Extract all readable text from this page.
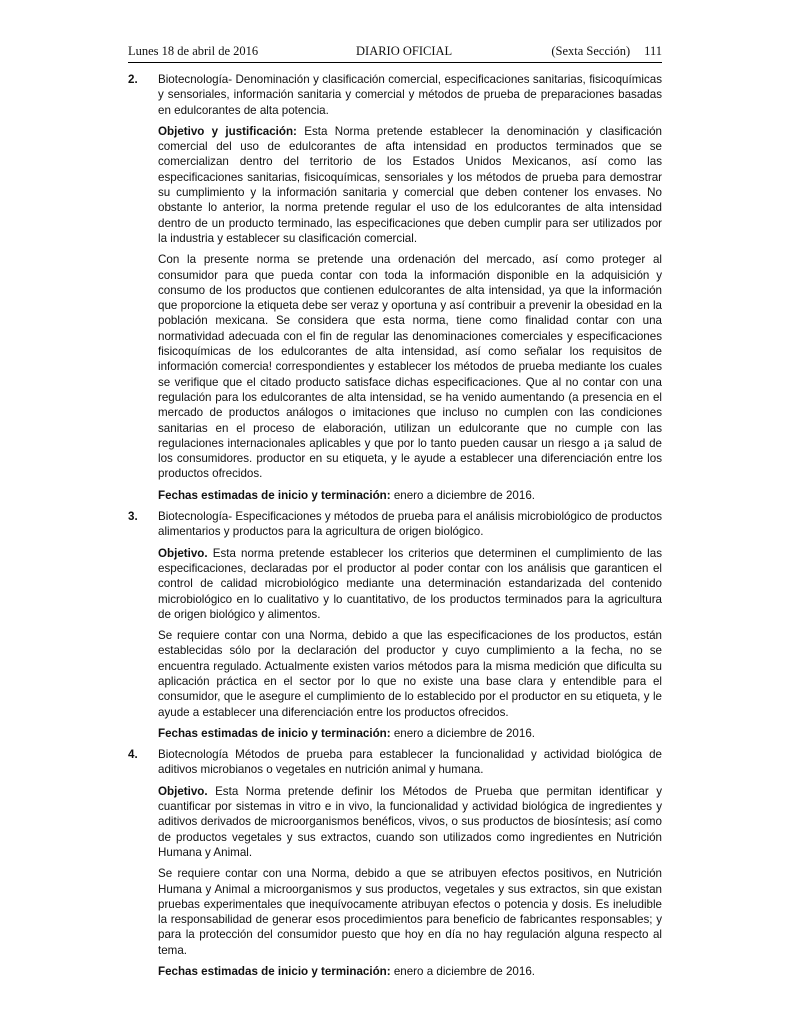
Lunes 18 de abril de 2016	DIARIO OFICIAL	(Sexta Sección) 111
2. Biotecnología- Denominación y clasificación comercial, especificaciones sanitarias, fisicoquímicas y sensoriales, información sanitaria y comercial y métodos de prueba de preparaciones basadas en edulcorantes de alta potencia.

Objetivo y justificación: Esta Norma pretende establecer la denominación y clasificación comercial del uso de edulcorantes de afta intensidad en productos terminados que se comercializan dentro del territorio de los Estados Unidos Mexicanos, así como las especificaciones sanitarias, fisicoquímicas, sensoriales y los métodos de prueba para demostrar su cumplimiento y la información sanitaria y comercial que deben contener los envases. No obstante lo anterior, la norma pretende regular el uso de los edulcorantes de alta intensidad dentro de un producto terminado, las especificaciones que deben cumplir para ser utilizados por la industria y establecer su clasificación comercial.

Con la presente norma se pretende una ordenación del mercado, así como proteger al consumidor para que pueda contar con toda la información disponible en la adquisición y consumo de los productos que contienen edulcorantes de alta intensidad, ya que la información que proporcione la etiqueta debe ser veraz y oportuna y así contribuir a prevenir la obesidad en la población mexicana. Se considera que esta norma, tiene como finalidad contar con una normatividad adecuada con el fin de regular las denominaciones comerciales y especificaciones fisicoquímicas de los edulcorantes de alta intensidad, así como señalar los requisitos de información comercia! correspondientes y establecer los métodos de prueba mediante los cuales se verifique que el citado producto satisface dichas especificaciones. Que al no contar con una regulación para los edulcorantes de alta intensidad, se ha venido aumentando (a presencia en el mercado de productos análogos o imitaciones que incluso no cumplen con las condiciones sanitarias en el proceso de elaboración, utilizan un edulcorante que no cumple con las regulaciones internacionales aplicables y que por lo tanto pueden causar un riesgo a ¡a salud de los consumidores. productor en su etiqueta, y le ayude a establecer una diferenciación entre los productos ofrecidos.

Fechas estimadas de inicio y terminación: enero a diciembre de 2016.

3. Biotecnología- Especificaciones y métodos de prueba para el análisis microbiológico de productos alimentarios y productos para la agricultura de origen biológico.

Objetivo. Esta norma pretende establecer los criterios que determinen el cumplimiento de las especificaciones, declaradas por el productor al poder contar con los análisis que garanticen el control de calidad microbiológico mediante una determinación estandarizada del contenido microbiológico en lo cualitativo y lo cuantitativo, de los productos terminados para la agricultura de origen biológico y alimentos.

Se requiere contar con una Norma, debido a que las especificaciones de los productos, están establecidas sólo por la declaración del productor y cuyo cumplimiento a la fecha, no se encuentra regulado. Actualmente existen varios métodos para la misma medición que dificulta su aplicación práctica en el sector por lo que no existe una base clara y entendible para el consumidor, que le asegure el cumplimiento de lo establecido por el productor en su etiqueta, y le ayude a establecer una diferenciación entre los productos ofrecidos.

Fechas estimadas de inicio y terminación: enero a diciembre de 2016.

4. Biotecnología Métodos de prueba para establecer la funcionalidad y actividad biológica de aditivos microbianos o vegetales en nutrición animal y humana.

Objetivo. Esta Norma pretende definir los Métodos de Prueba que permitan identificar y cuantificar por sistemas in vitro e in vivo, la funcionalidad y actividad biológica de ingredientes y aditivos derivados de microorganismos benéficos, vivos, o sus productos de biosíntesis; así como de productos vegetales y sus extractos, cuando son utilizados como ingredientes en Nutrición Humana y Animal.

Se requiere contar con una Norma, debido a que se atribuyen efectos positivos, en Nutrición Humana y Animal a microorganismos y sus productos, vegetales y sus extractos, sin que existan pruebas experimentales que inequívocamente atribuyan efectos o potencia y dosis. Es ineludible la responsabilidad de generar esos procedimientos para beneficio de fabricantes responsables; y para la protección del consumidor puesto que hoy en día no hay regulación alguna respecto al tema.

Fechas estimadas de inicio y terminación: enero a diciembre de 2016.
